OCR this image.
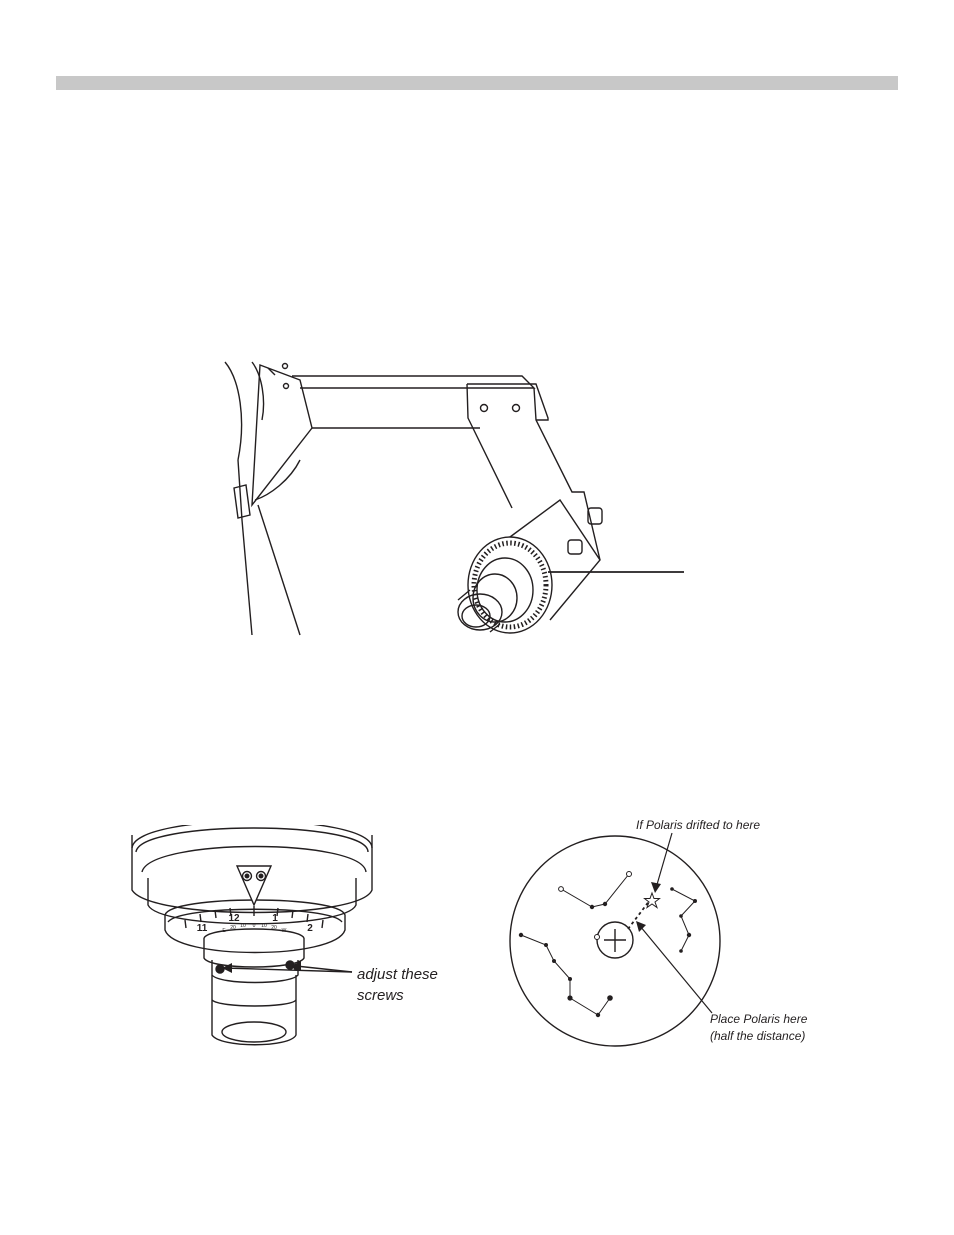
11
12	1
2
E 20 10 0 10 20 W
adjust these
screws
If Polaris drifted to here
Place Polaris here
(half the distance)
